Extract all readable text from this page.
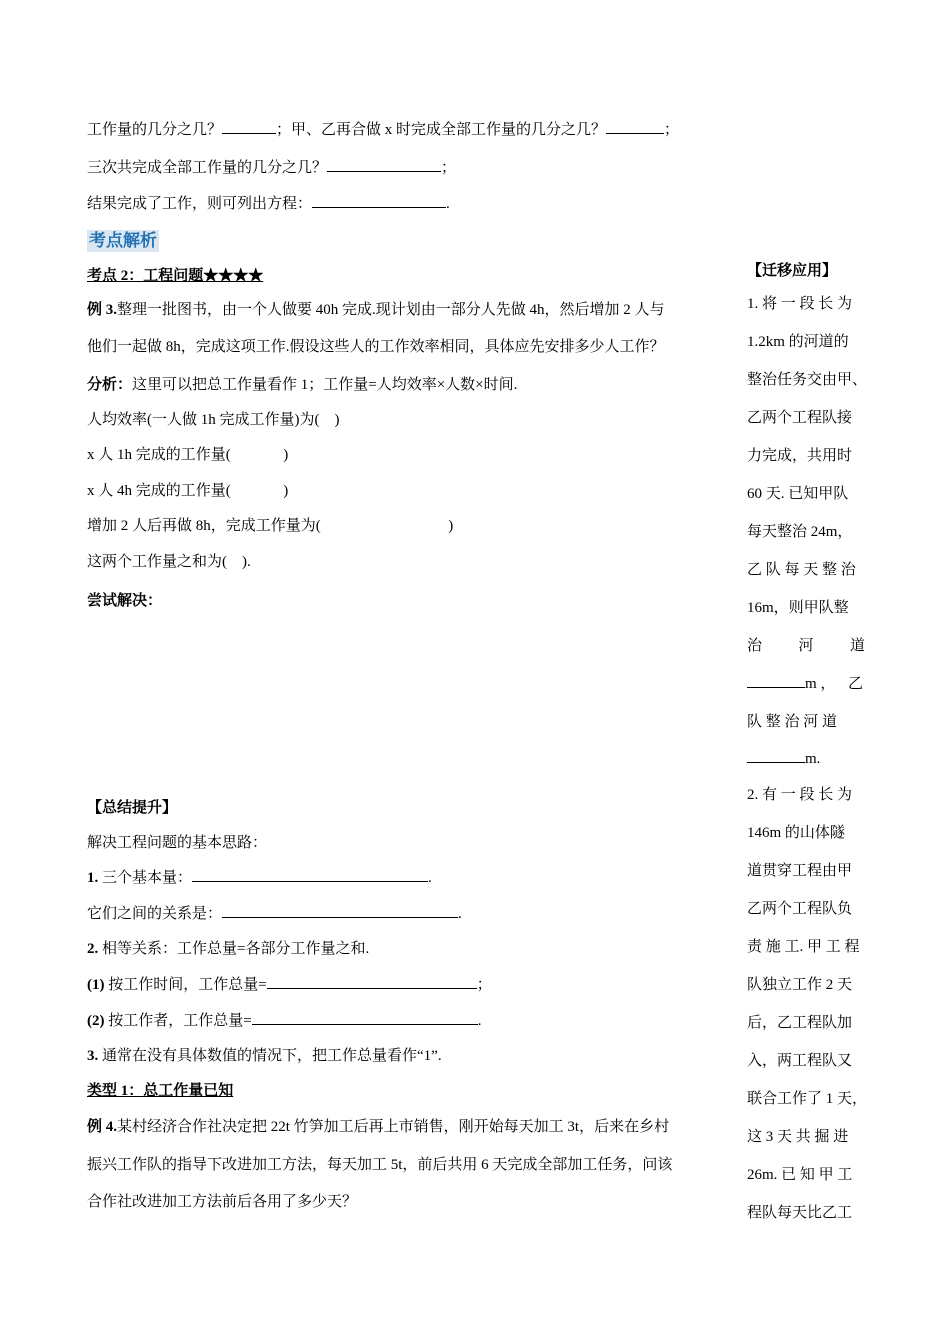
工作量的几分之几？	；甲、乙再合做 x 时完成全部工作量的几分之几？	；
三次共完成全部工作量的几分之几？	；
结果完成了工作，则可列出方程：	.
考点解析
考点 2：工程问题★★★★
例 3.整理一批图书，由一个人做要 40h 完成.现计划由一部分人先做 4h，然后增加 2 人与
他们一起做 8h，完成这项工作.假设这些人的工作效率相同，具体应先安排多少人工作？
分析：这里可以把总工作量看作 1；工作量=人均效率×人数×时间.
人均效率(一人做 1h 完成工作量)为(    )
x 人 1h 完成的工作量(              )
x 人 4h 完成的工作量(              )
增加 2 人后再做 8h，完成工作量为(                                  )
这两个工作量之和为(    ).
尝试解决：
【总结提升】
解决工程问题的基本思路：
1. 三个基本量：	.
它们之间的关系是：	.
2. 相等关系：工作总量=各部分工作量之和.
(1) 按工作时间，工作总量=	；
(2) 按工作者，工作总量=	.
3. 通常在没有具体数值的情况下，把工作总量看作“1”.
类型 1：总工作量已知
例 4.某村经济合作社决定把 22t 竹笋加工后再上市销售，刚开始每天加工 3t，后来在乡村
振兴工作队的指导下改进加工方法，每天加工 5t，前后共用 6 天完成全部加工任务，问该
合作社改进加工方法前后各用了多少天？
【迁移应用】
1. 将 一 段 长 为
1.2km 的河道的
整治任务交由甲、
乙两个工程队接
力完成，共用时
60 天. 已知甲队
每天整治 24m，
乙 队 每 天 整 治
16m，则甲队整
治 河 道
m ， 乙
队 整 治 河 道
m.
2. 有 一 段 长 为
146m 的山体隧
道贯穿工程由甲
乙两个工程队负
责 施 工. 甲 工 程
队独立工作 2 天
后，乙工程队加
入，两工程队又
联合工作了 1 天，
这 3 天 共 掘 进
26m. 已 知 甲 工
程队每天比乙工
